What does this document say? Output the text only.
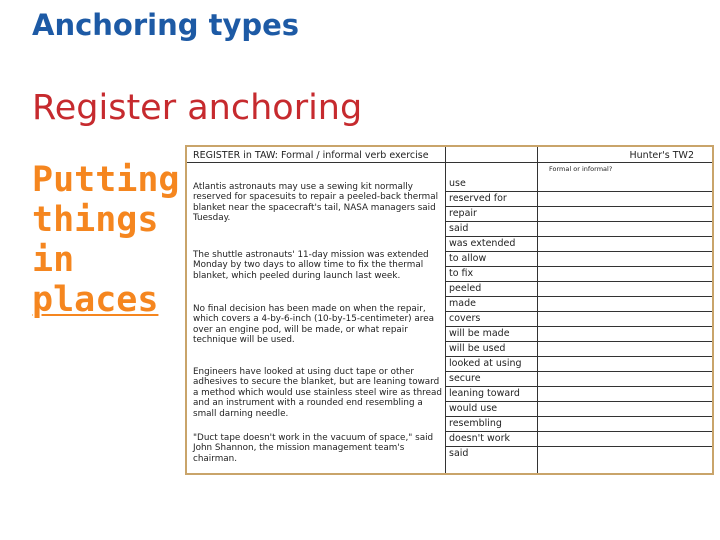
Anchoring types
Register anchoring
Putting
things
in
places
REGISTER in TAW: Formal / informal verb exercise	Hunter's TW2
Formal or informal?
Atlantis astronauts may use a sewing kit normally reserved for spacesuits to repair a peeled-back thermal blanket near the spacecraft's tail, NASA managers said Tuesday.
The shuttle astronauts' 11-day mission was extended Monday by two days to allow time to fix the thermal blanket, which peeled during launch last week.
No final decision has been made on when the repair, which covers a 4-by-6-inch (10-by-15-centimeter) area over an engine pod, will be made, or what repair technique will be used.
Engineers have looked at using duct tape or other adhesives to secure the blanket, but are leaning toward a method which would use stainless steel wire as thread and an instrument with a rounded end resembling a small darning needle.
"Duct tape doesn't work in the vacuum of space," said John Shannon, the mission management team's chairman.
use
reserved for
repair
said
was extended
to allow
to fix
peeled
made
covers
will be made
will be used
looked at using
secure
leaning toward
would use
resembling
doesn't work
said
